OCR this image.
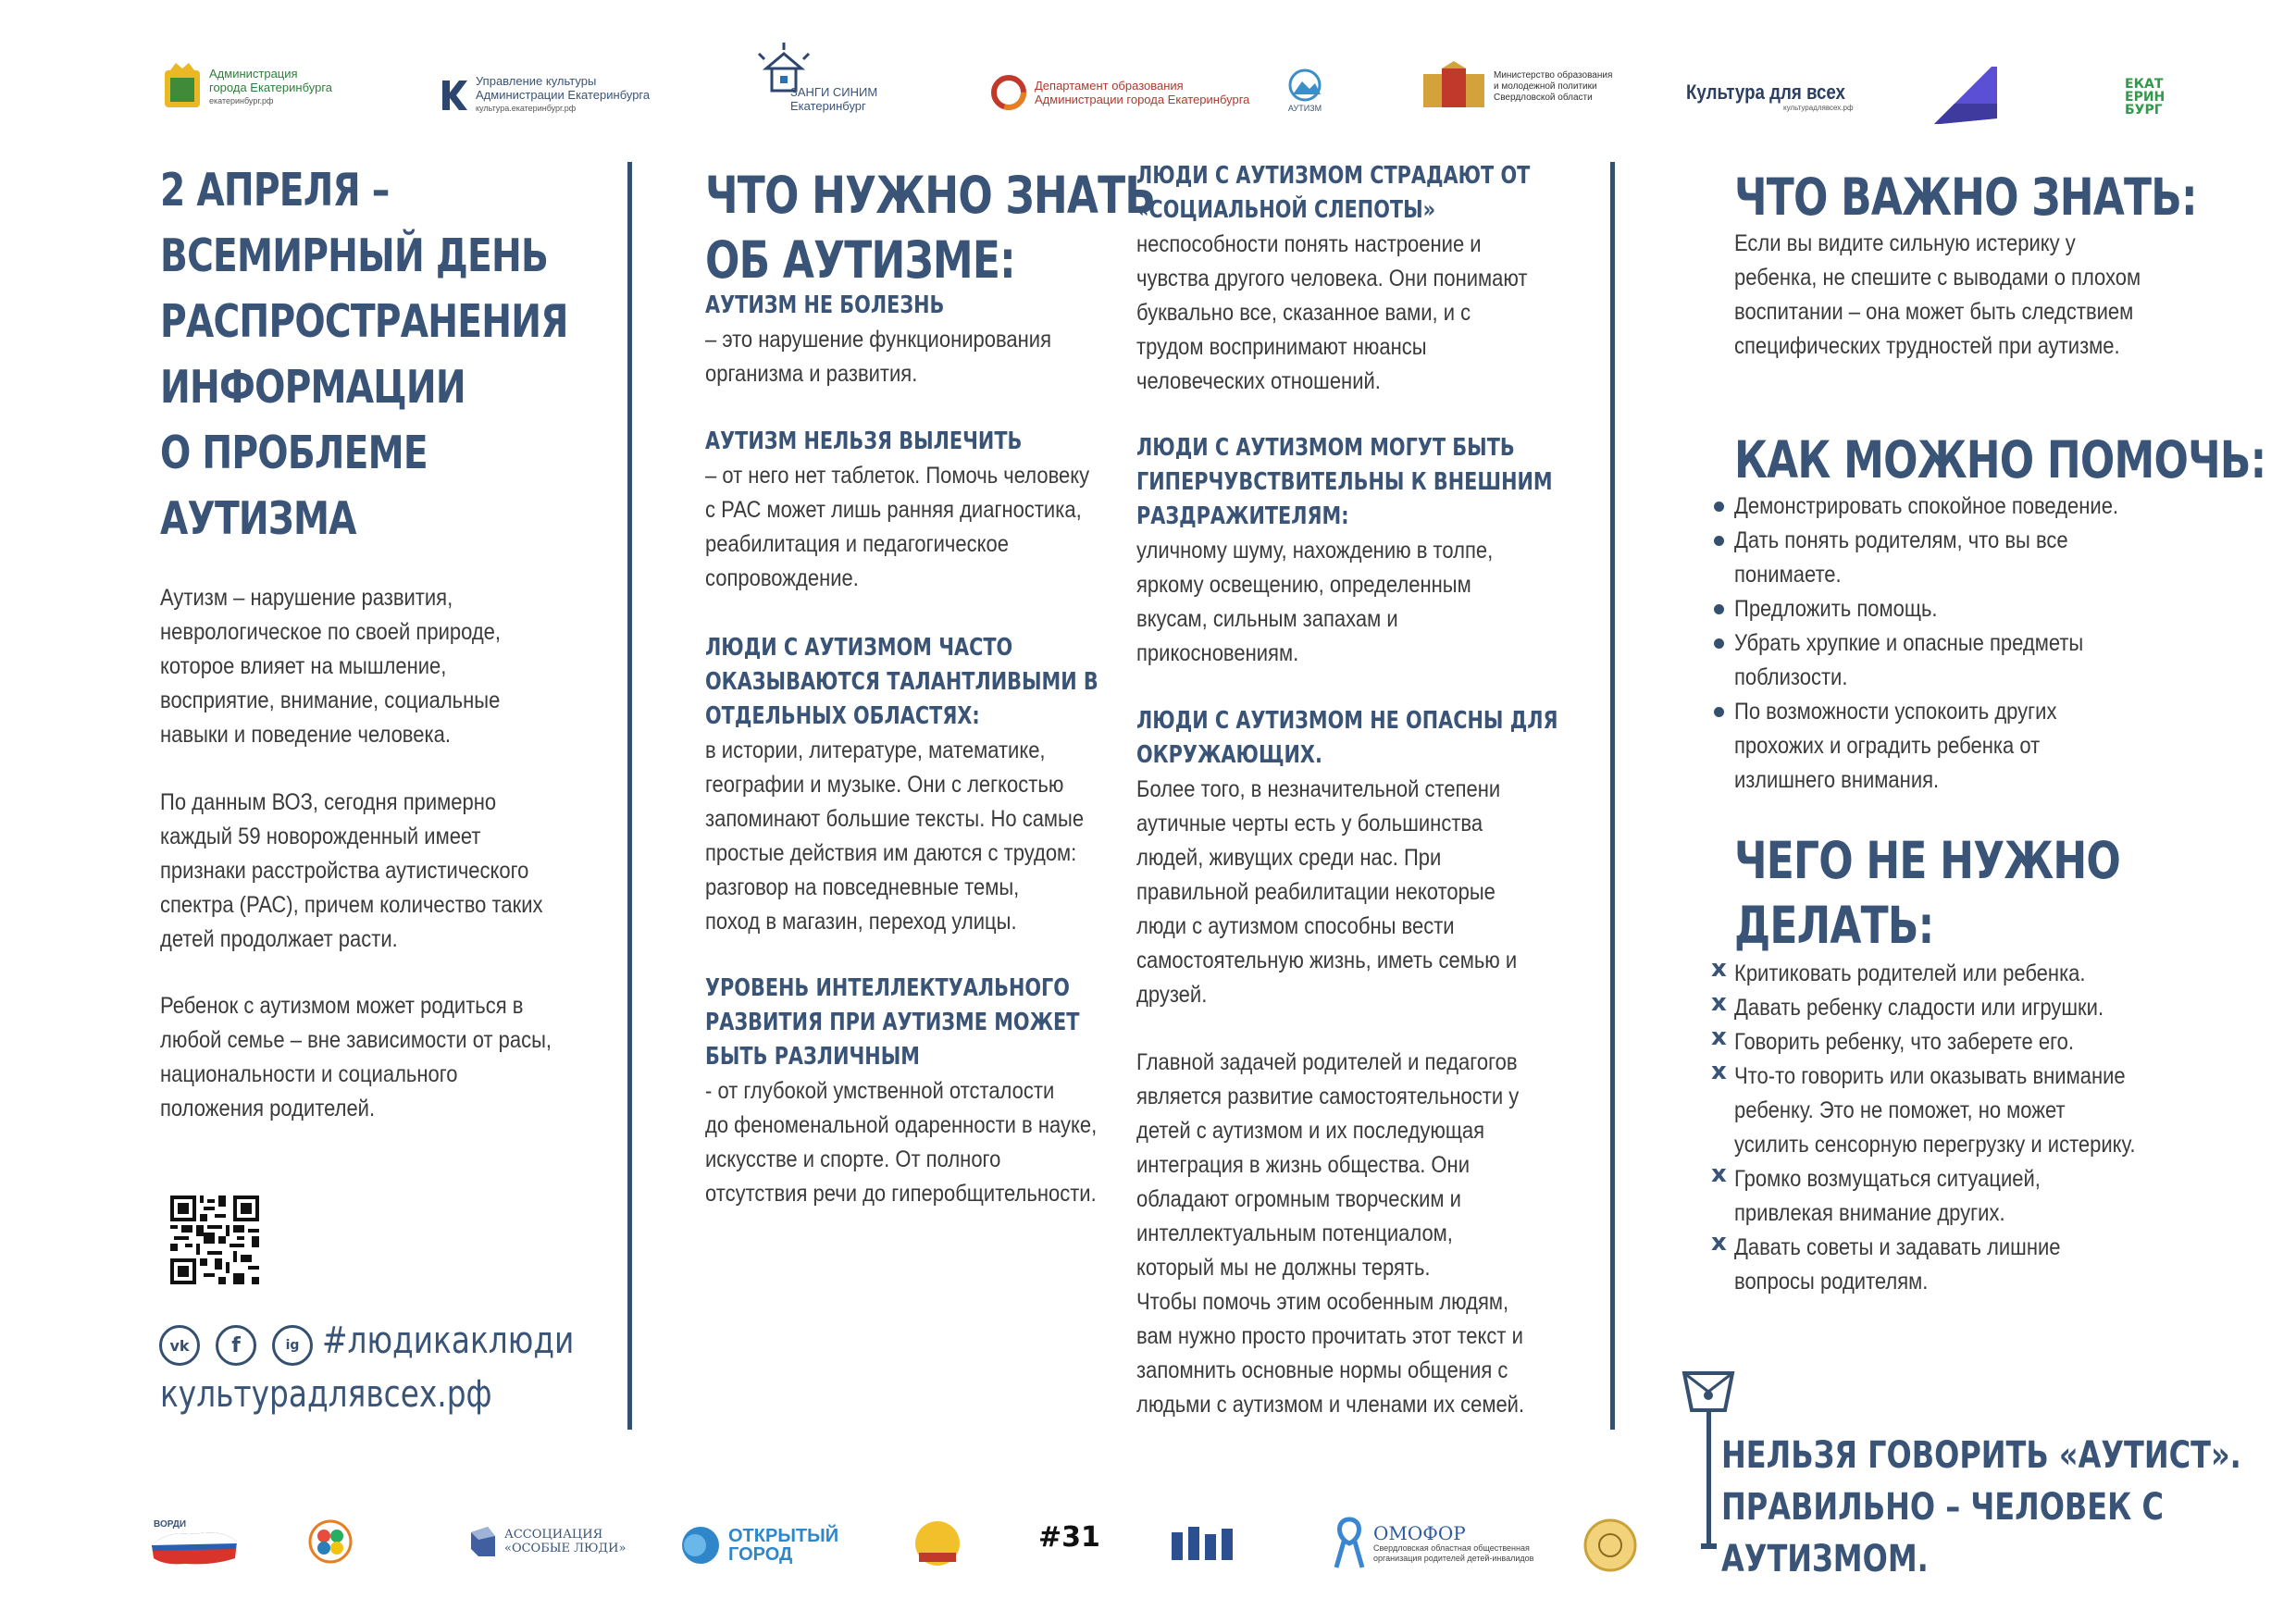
Администрация
города Екатеринбурга
екатеринбург.рф
Управление культуры
Администрации Екатеринбурга
культура.екатеринбург.рф
ЗАНГИ СИНИМ
Екатеринбург
Департамент образования
Администрации города Екатеринбурга
АУТИЗМ
Министерство образования
и молодежной политики
Свердловской области	Культура для всех
культурадлявсех.рф
ЕКАТ
ЕРИН
БУРГ
2 АПРЕЛЯ –
ВСЕМИРНЫЙ ДЕНЬ
РАСПРОСТРАНЕНИЯ
ИНФОРМАЦИИ
О ПРОБЛЕМЕ
АУТИЗМА

Аутизм – нарушение развития,

неврологическое по своей природе,

которое влияет на мышление,

восприятие, внимание, социальные

навыки и поведение человека.

По данным ВОЗ, сегодня примерно

каждый 59 новорожденный имеет

признаки расстройства аутистического

спектра (РАС), причем количество таких

детей продолжает расти.

Ребенок с аутизмом может родиться в

любой семье – вне зависимости от расы,

национальности и социального

положения родителей.

vk f	ig #людикаклюди
культурадлявсех.рф
ЧТО НУЖНО ЗНАТЬ
ОБ АУТИЗМЕ:

АУТИЗМ НЕ БОЛЕЗНЬ

– это нарушение функционирования

организма и развития.

АУТИЗМ НЕЛЬЗЯ ВЫЛЕЧИТЬ

– от него нет таблеток. Помочь человеку

с РАС может лишь ранняя диагностика,

реабилитация и педагогическое

сопровождение.

ЛЮДИ С АУТИЗМОМ ЧАСТО

ОКАЗЫВАЮТСЯ ТАЛАНТЛИВЫМИ В

ОТДЕЛЬНЫХ ОБЛАСТЯХ:

в истории, литературе, математике,

географии и музыке. Они с легкостью

запоминают большие тексты. Но самые

простые действия им даются с трудом:

разговор на повседневные темы,

поход в магазин, переход улицы.

УРОВЕНЬ ИНТЕЛЛЕКТУАЛЬНОГО

РАЗВИТИЯ ПРИ АУТИЗМЕ МОЖЕТ

БЫТЬ РАЗЛИЧНЫМ

- от глубокой умственной отсталости

до феноменальной одаренности в науке,

искусстве и спорте. От полного

отсутствия речи до гиперобщительности.

ЛЮДИ С АУТИЗМОМ СТРАДАЮТ ОТ

«СОЦИАЛЬНОЙ СЛЕПОТЫ»

неспособности понять настроение и

чувства другого человека. Они понимают

буквально все, сказанное вами, и с

трудом воспринимают нюансы

человеческих отношений.

ЛЮДИ С АУТИЗМОМ МОГУТ БЫТЬ

ГИПЕРЧУВСТВИТЕЛЬНЫ К ВНЕШНИМ

РАЗДРАЖИТЕЛЯМ:

уличному шуму, нахождению в толпе,

яркому освещению, определенным

вкусам, сильным запахам и

прикосновениям.

ЛЮДИ С АУТИЗМОМ НЕ ОПАСНЫ ДЛЯ

ОКРУЖАЮЩИХ.

Более того, в незначительной степени

аутичные черты есть у большинства

людей, живущих среди нас. При

правильной реабилитации некоторые

люди с аутизмом способны вести

самостоятельную жизнь, иметь семью и

друзей.

Главной задачей родителей и педагогов

является развитие самостоятельности у

детей с аутизмом и их последующая

интеграция в жизнь общества. Они

обладают огромным творческим и

интеллектуальным потенциалом,

который мы не должны терять.

Чтобы помочь этим особенным людям,

вам нужно просто прочитать этот текст и

запомнить основные нормы общения с

людьми с аутизмом и членами их семей.

ЧТО ВАЖНО ЗНАТЬ:

Если вы видите сильную истерику у

ребенка, не спешите с выводами о плохом

воспитании – она может быть следствием

специфических трудностей при аутизме.

КАК МОЖНО ПОМОЧЬ:

Демонстрировать спокойное поведение.

Дать понять родителям, что вы все

понимаете.

Предложить помощь.

Убрать хрупкие и опасные предметы

поблизости.

По возможности успокоить других

прохожих и оградить ребенка от

излишнего внимания.

ЧЕГО НЕ НУЖНО
ДЕЛАТЬ:
x Критиковать родителей или ребенка.

x Давать ребенку сладости или игрушки.

x Говорить ребенку, что заберете его.

x Что-то говорить или оказывать внимание

ребенку. Это не поможет, но может

усилить сенсорную перегрузку и истерику.

x Громко возмущаться ситуацией,

привлекая внимание других.

x Давать советы и задавать лишние

вопросы родителям.

НЕЛЬЗЯ ГОВОРИТЬ «АУТИСТ».
ПРАВИЛЬНО – ЧЕЛОВЕК С
АУТИЗМОМ.
ВОРДИ
АССОЦИАЦИЯ
«ОСОБЫЕ ЛЮДИ»
ОТКРЫТЫЙ
ГОРОД
#31	ОМОФОР
Свердловская областная общественная
организация родителей детей-инвалидов
